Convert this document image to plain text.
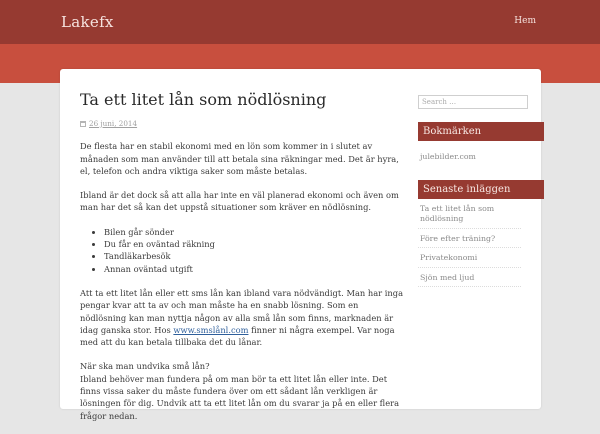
Lakefx	Hem
Ta ett litet lån som nödlösning
26 juni, 2014

De flesta har en stabil ekonomi med en lön som kommer in i slutet av månaden som man använder till att betala sina räkningar med. Det är hyra, el, telefon och andra viktiga saker som måste betalas.

Ibland är det dock så att alla har inte en väl planerad ekonomi och även om man har det så kan det uppstå situationer som kräver en nödlösning.

• Bilen går sönder
• Du får en oväntad räkning
• Tandläkarbesök
• Annan oväntad utgift

Att ta ett litet lån eller ett sms lån kan ibland vara nödvändigt. Man har inga pengar kvar att ta av och man måste ha en snabb lösning. Som en nödlösning kan man nyttja någon av alla små lån som finns, marknaden är idag ganska stor. Hos www.smslånl.com finner ni några exempel. Var noga med att du kan betala tillbaka det du lånar.

När ska man undvika små lån?
Ibland behöver man fundera på om man bör ta ett litet lån eller inte. Det finns vissa saker du måste fundera över om ett sådant lån verkligen är lösningen för dig. Undvik att ta ett litet lån om du svarar ja på en eller flera frågor nedan.

Search …
Bokmärken
julebilder.com
Senaste inläggen
Ta ett litet lån som nödlösning
Före efter träning?
Privatekonomi
Sjön med ljud
